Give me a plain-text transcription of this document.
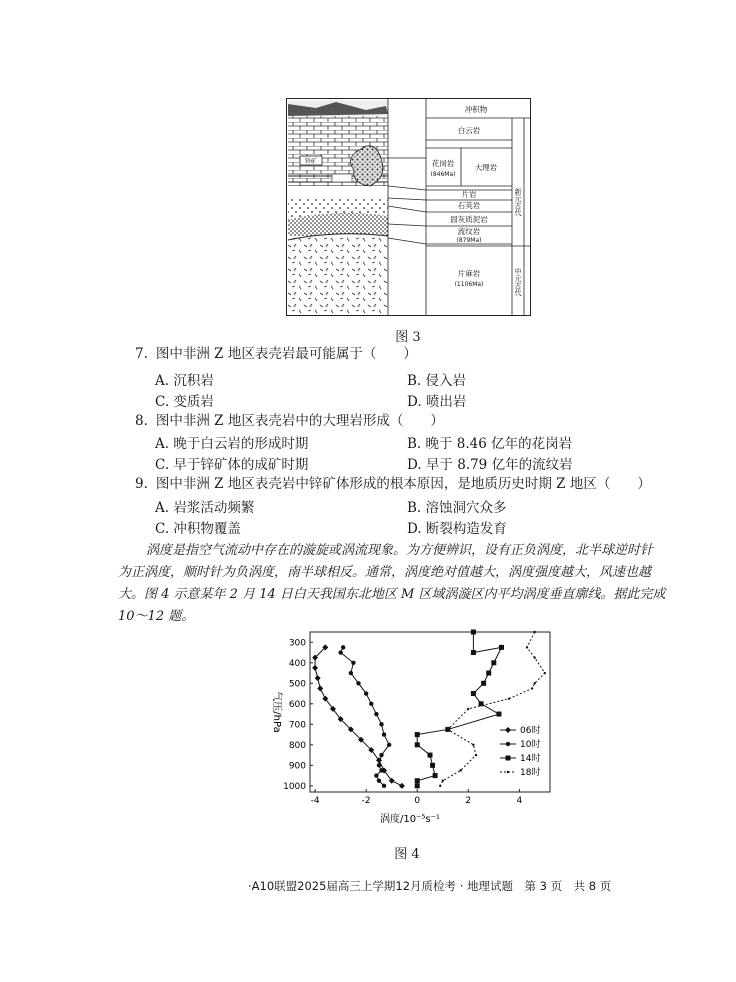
锌矿
冲积物
白云岩
花岗岩
(846Ma)
大理岩
片岩
石英岩
固灰质泥岩
流纹岩
(879Ma)
片麻岩
(1106Ma)
新元古代
中元古代
图 3
7. 图中非洲 Z 地区表壳岩最可能属于（　　）
A. 沉积岩	B. 侵入岩
C. 变质岩	D. 喷出岩
8. 图中非洲 Z 地区表壳岩中的大理岩形成（　　）
A. 晚于白云岩的形成时期	B. 晚于 8.46 亿年的花岗岩
C. 早于锌矿体的成矿时期	D. 早于 8.79 亿年的流纹岩
9. 图中非洲 Z 地区表壳岩中锌矿体形成的根本原因，是地质历史时期 Z 地区（　　）
A. 岩浆活动频繁	B. 溶蚀洞穴众多
C. 冲积物覆盖	D. 断裂构造发育
涡度是指空气流动中存在的漩旋或涡流现象。为方便辨识，设有正负涡度，北半球逆时针
为正涡度，顺时针为负涡度，南半球相反。通常，涡度绝对值越大，涡度强度越大，风速也越
大。图 4 示意某年 2 月 14 日白天我国东北地区 M 区域涡漩区内平均涡度垂直廓线。据此完成
10～12 题。
300
400
500
600
700
800
900
1000
-4	-2	0	2	4
06时
10时
14时
18时
气压/hPa
涡度/10⁻⁵s⁻¹
图 4
·A10联盟2025届高三上学期12月质检考 · 地理试题　第 3 页　共 8 页
